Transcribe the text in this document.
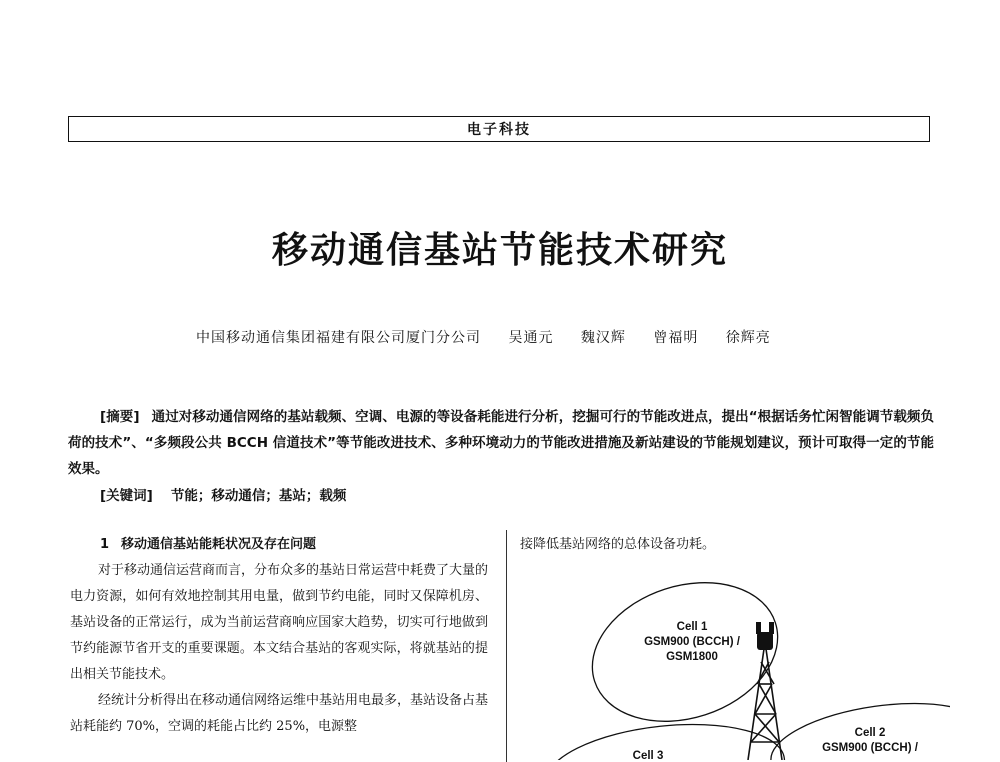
电子科技
移动通信基站节能技术研究
中国移动通信集团福建有限公司厦门分公司 吴通元 魏汉辉 曾福明 徐辉亮
[摘要] 通过对移动通信网络的基站载频、空调、电源的等设备耗能进行分析，挖掘可行的节能改进点，提出“根据话务忙闲智能调节载频负荷的技术”、“多频段公共 BCCH 信道技术”等节能改进技术、多种环境动力的节能改进措施及新站建设的节能规划建议，预计可取得一定的节能效果。
[关键词] 节能；移动通信；基站；载频
1 移动通信基站能耗状况及存在问题

对于移动通信运营商而言，分布众多的基站日常运营中耗费了大量的电力资源，如何有效地控制其用电量，做到节约电能，同时又保障机房、基站设备的正常运行，成为当前运营商响应国家大趋势，切实可行地做到节约能源节省开支的重要课题。本文结合基站的客观实际，将就基站的提出相关节能技术。

经统计分析得出在移动通信网络运维中基站用电最多，基站设备占基站耗能约 70%，空调的耗能占比约 25%，电源整

接降低基站网络的总体设备功耗。
Cell 1
GSM900 (BCCH) /
GSM1800
Cell 2
GSM900 (BCCH) /
Cell 3
